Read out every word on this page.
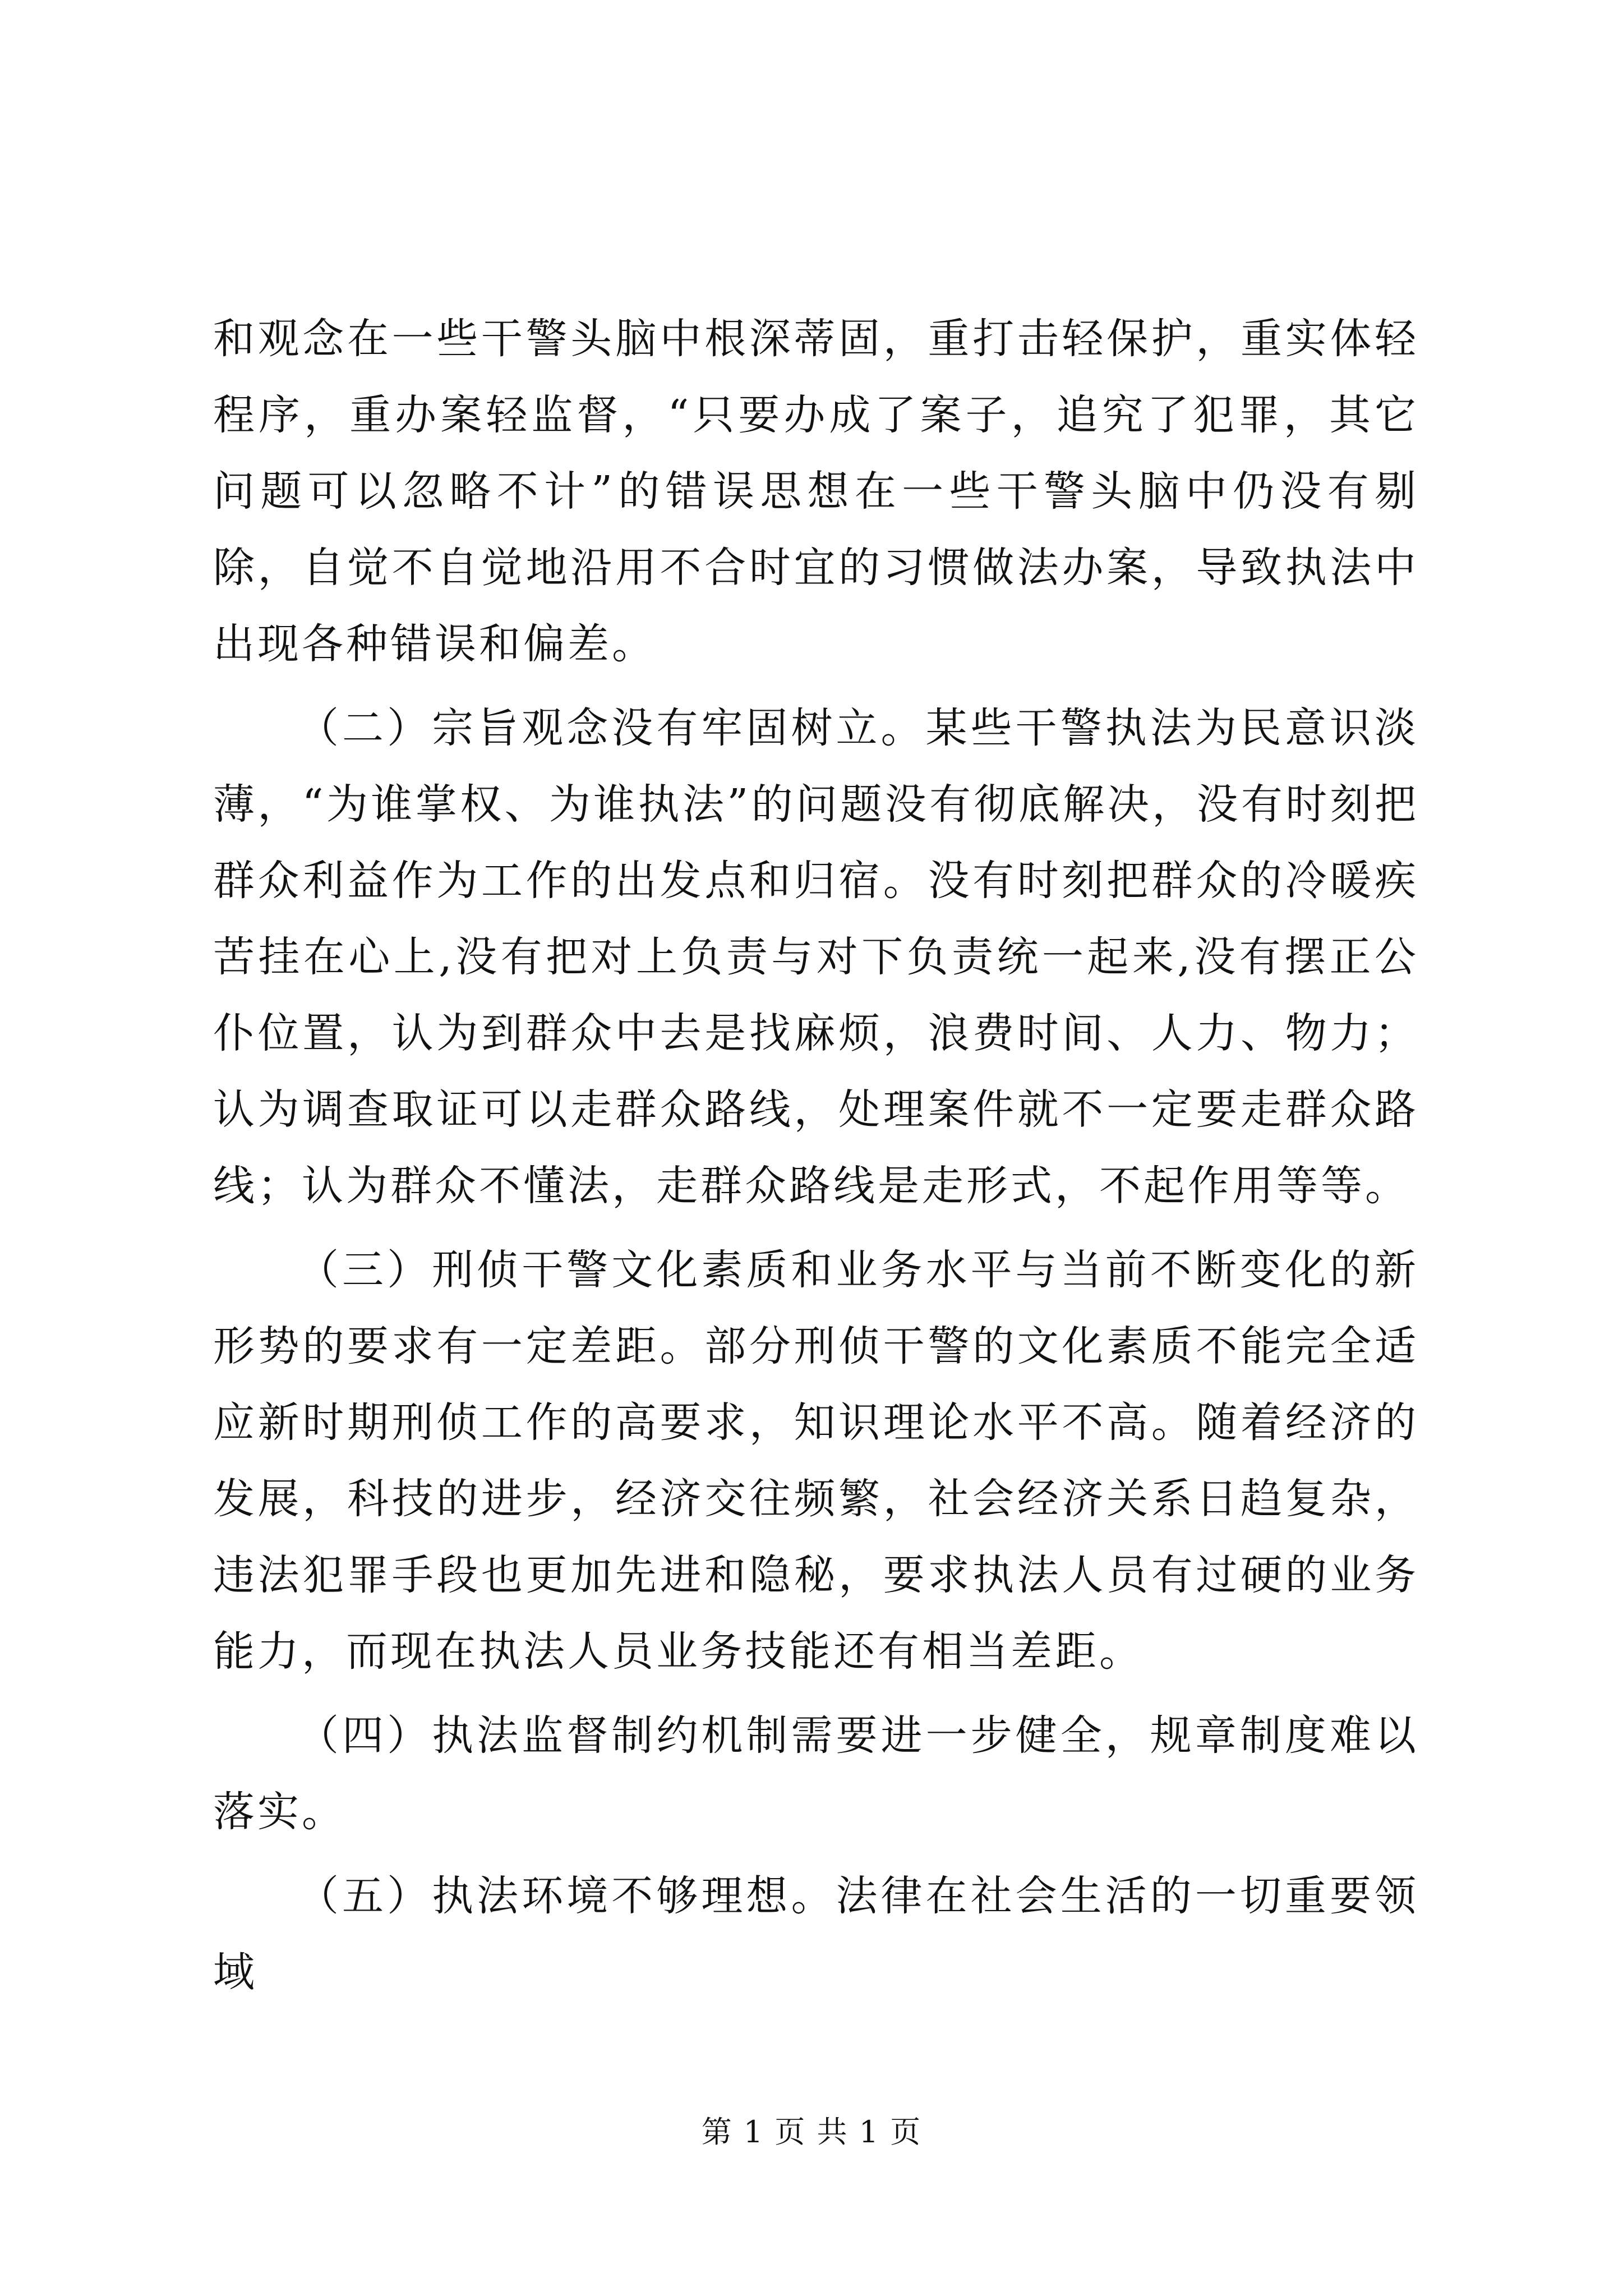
和观念在一些干警头脑中根深蒂固，重打击轻保护，重实体轻程序，重办案轻监督，“只要办成了案子，追究了犯罪，其它问题可以忽略不计”的错误思想在一些干警头脑中仍没有剔除，自觉不自觉地沿用不合时宜的习惯做法办案，导致执法中出现各种错误和偏差。

（二）宗旨观念没有牢固树立。某些干警执法为民意识淡薄，“为谁掌权、为谁执法”的问题没有彻底解决，没有时刻把群众利益作为工作的出发点和归宿。没有时刻把群众的冷暖疾苦挂在心上,没有把对上负责与对下负责统一起来,没有摆正公仆位置，认为到群众中去是找麻烦，浪费时间、人力、物力；认为调查取证可以走群众路线，处理案件就不一定要走群众路线；认为群众不懂法，走群众路线是走形式，不起作用等等。

（三）刑侦干警文化素质和业务水平与当前不断变化的新形势的要求有一定差距。部分刑侦干警的文化素质不能完全适应新时期刑侦工作的高要求，知识理论水平不高。随着经济的发展，科技的进步，经济交往频繁，社会经济关系日趋复杂，违法犯罪手段也更加先进和隐秘，要求执法人员有过硬的业务能力，而现在执法人员业务技能还有相当差距。

（四）执法监督制约机制需要进一步健全，规章制度难以落实。

（五）执法环境不够理想。法律在社会生活的一切重要领域

第 1 页 共 1 页
